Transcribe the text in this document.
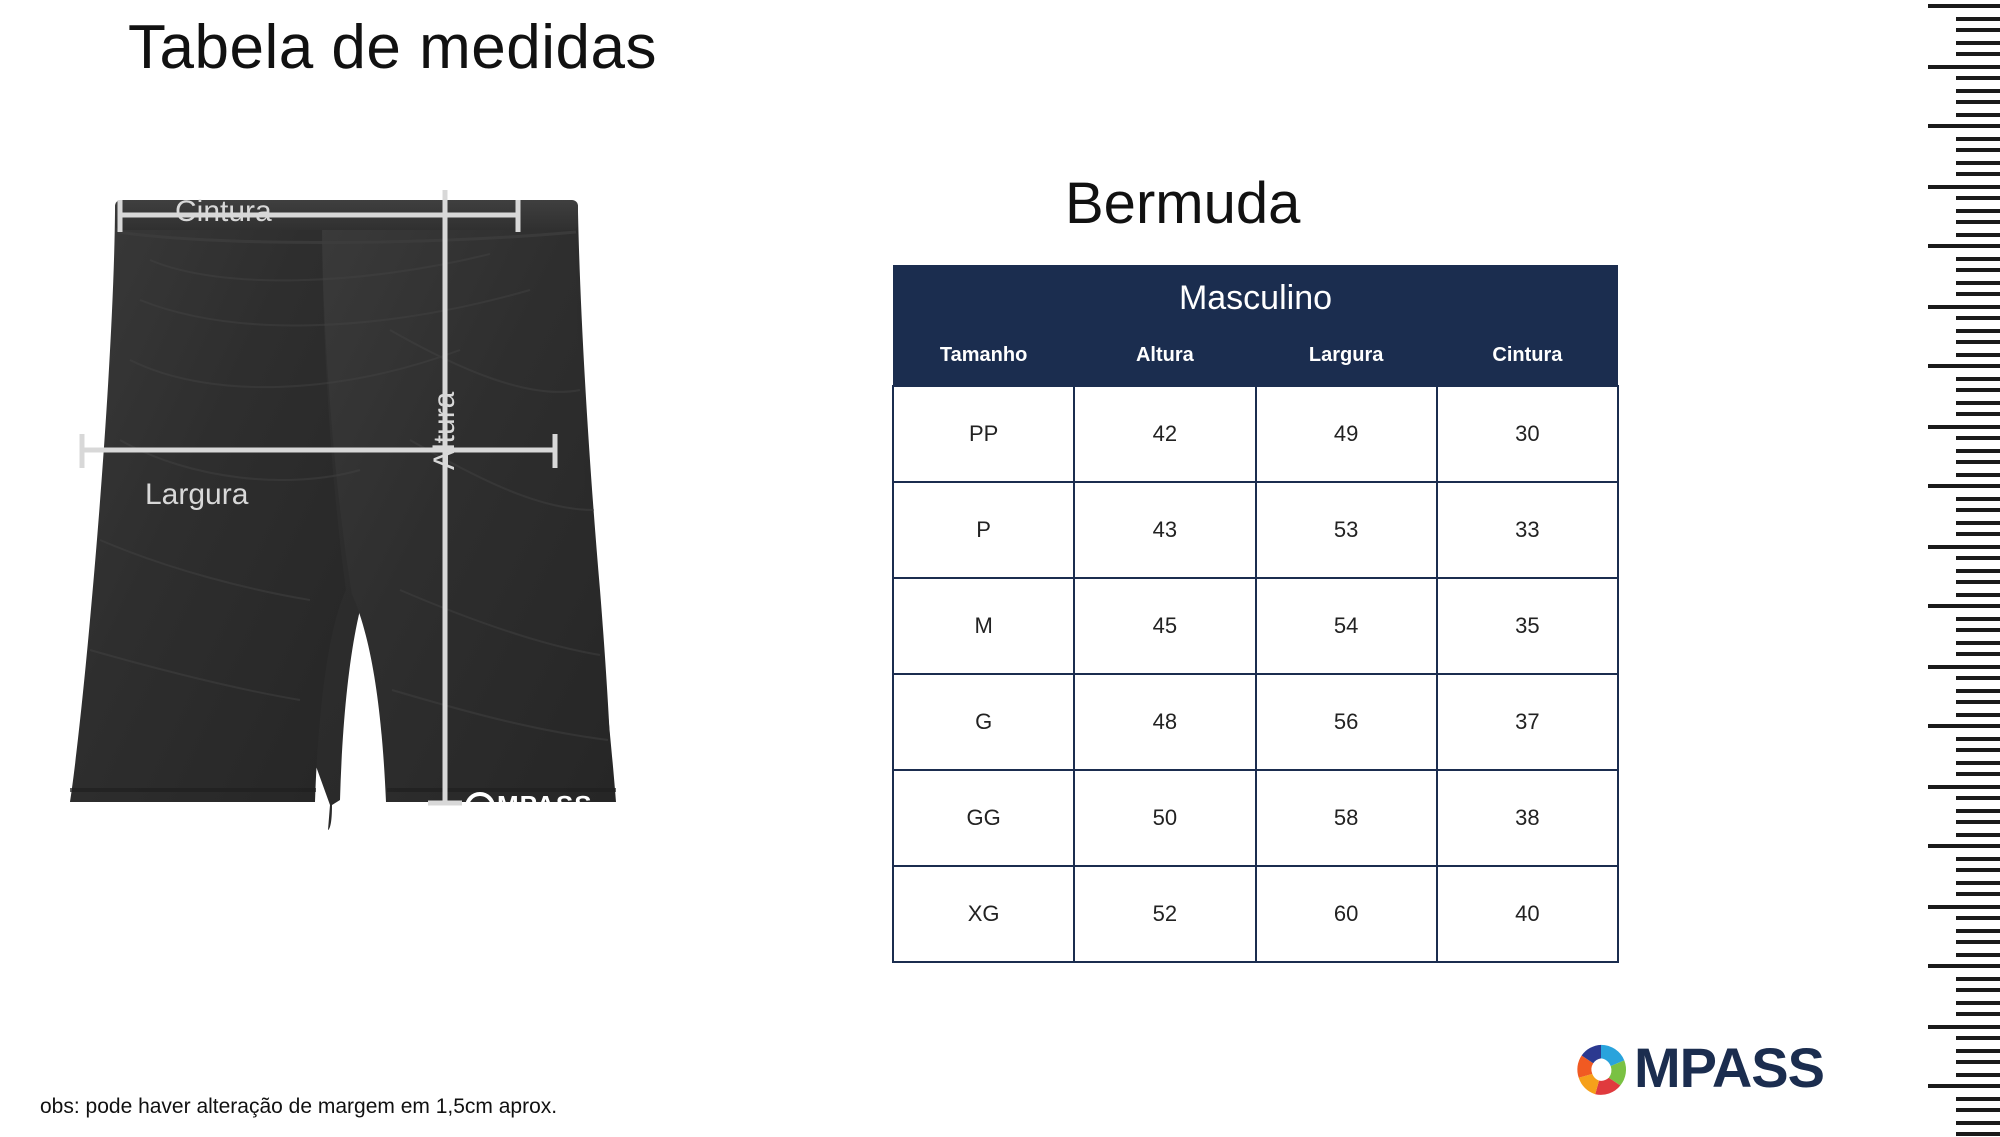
Tabela de medidas
Cintura
Largura
Altura
MPASS
Bermuda
Masculino			
Tamanho	Altura	Largura	Cintura
PP	42	49	30
P	43	53	33
M	45	54	35
G	48	56	37
GG	50	58	38
XG	52	60	40
obs: pode haver alteração de margem em 1,5cm aprox.
MPASS
